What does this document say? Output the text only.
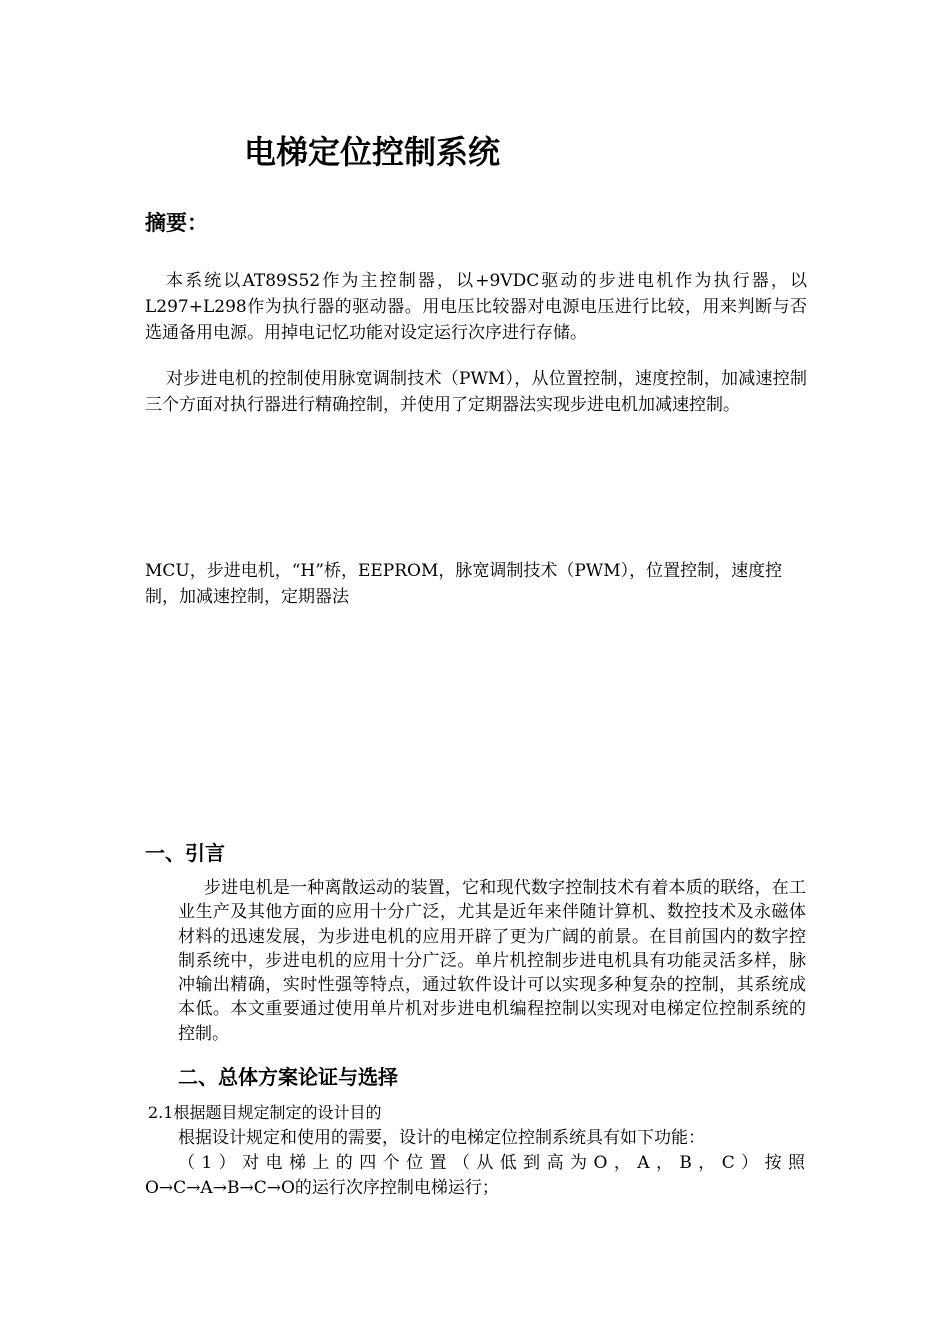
电梯定位控制系统
摘要：
本系统以AT89S52作为主控制器，以+9VDC驱动的步进电机作为执行器，以L297+L298作为执行器的驱动器。用电压比较器对电源电压进行比较，用来判断与否选通备用电源。用掉电记忆功能对设定运行次序进行存储。
对步进电机的控制使用脉宽调制技术（PWM），从位置控制，速度控制，加减速控制三个方面对执行器进行精确控制，并使用了定期器法实现步进电机加减速控制。
MCU，步进电机，“H”桥，EEPROM，脉宽调制技术（PWM），位置控制，速度控制，加减速控制，定期器法
一、引言
步进电机是一种离散运动的装置，它和现代数字控制技术有着本质的联络，在工业生产及其他方面的应用十分广泛，尤其是近年来伴随计算机、数控技术及永磁体材料的迅速发展，为步进电机的应用开辟了更为广阔的前景。在目前国内的数字控制系统中，步进电机的应用十分广泛。单片机控制步进电机具有功能灵活多样，脉冲输出精确，实时性强等特点，通过软件设计可以实现多种复杂的控制，其系统成本低。本文重要通过使用单片机对步进电机编程控制以实现对电梯定位控制系统的控制。
二、总体方案论证与选择
2.1根据题目规定制定的设计目的
根据设计规定和使用的需要，设计的电梯定位控制系统具有如下功能：
（1）对电梯上的四个位置（从低到高为O，A，B，C）按照
O→C→A→B→C→O的运行次序控制电梯运行；
